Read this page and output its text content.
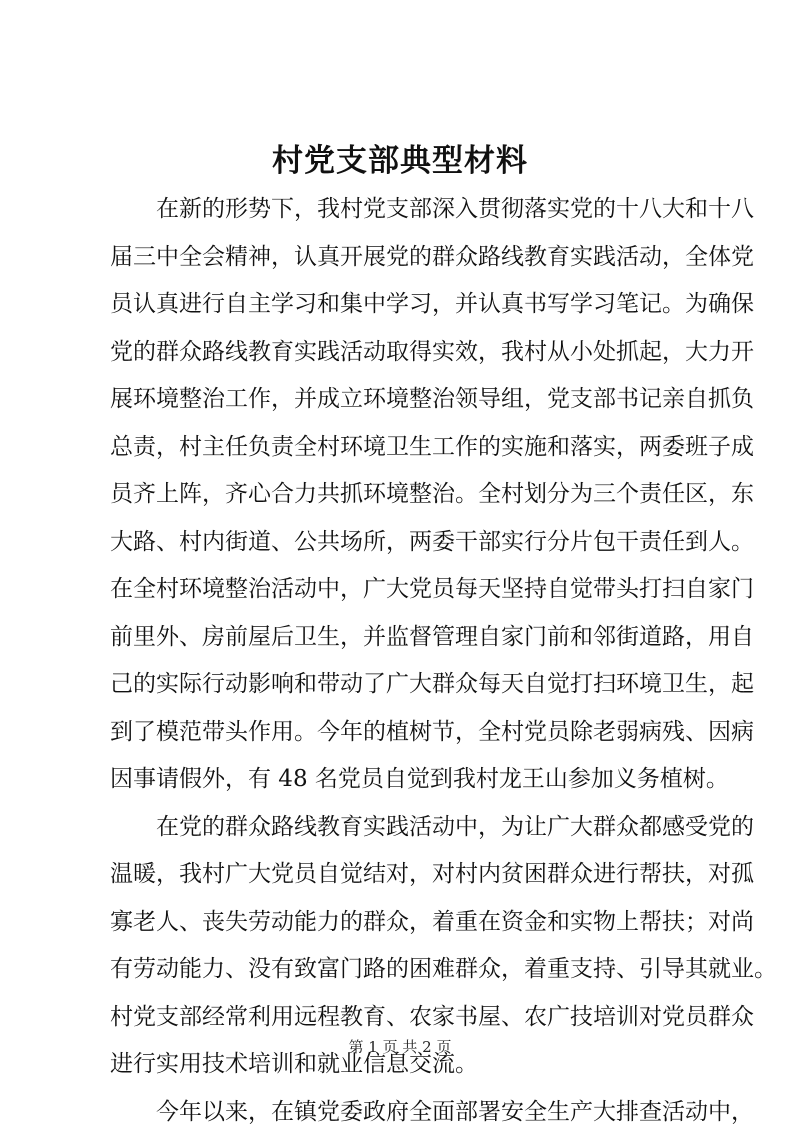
村党支部典型材料
在新的形势下，我村党支部深入贯彻落实党的十八大和十八
届三中全会精神，认真开展党的群众路线教育实践活动，全体党
员认真进行自主学习和集中学习，并认真书写学习笔记。为确保
党的群众路线教育实践活动取得实效，我村从小处抓起，大力开
展环境整治工作，并成立环境整治领导组，党支部书记亲自抓负
总责，村主任负责全村环境卫生工作的实施和落实，两委班子成
员齐上阵，齐心合力共抓环境整治。全村划分为三个责任区，东
大路、村内街道、公共场所，两委干部实行分片包干责任到人。
在全村环境整治活动中，广大党员每天坚持自觉带头打扫自家门
前里外、房前屋后卫生，并监督管理自家门前和邻街道路，用自
己的实际行动影响和带动了广大群众每天自觉打扫环境卫生，起
到了模范带头作用。今年的植树节，全村党员除老弱病残、因病
因事请假外，有 48 名党员自觉到我村龙王山参加义务植树。
在党的群众路线教育实践活动中，为让广大群众都感受党的
温暖，我村广大党员自觉结对，对村内贫困群众进行帮扶，对孤
寡老人、丧失劳动能力的群众，着重在资金和实物上帮扶；对尚
有劳动能力、没有致富门路的困难群众，着重支持、引导其就业。
村党支部经常利用远程教育、农家书屋、农广技培训对党员群众
进行实用技术培训和就业信息交流。
今年以来，在镇党委政府全面部署安全生产大排查活动中，
第 1 页 共 2 页
